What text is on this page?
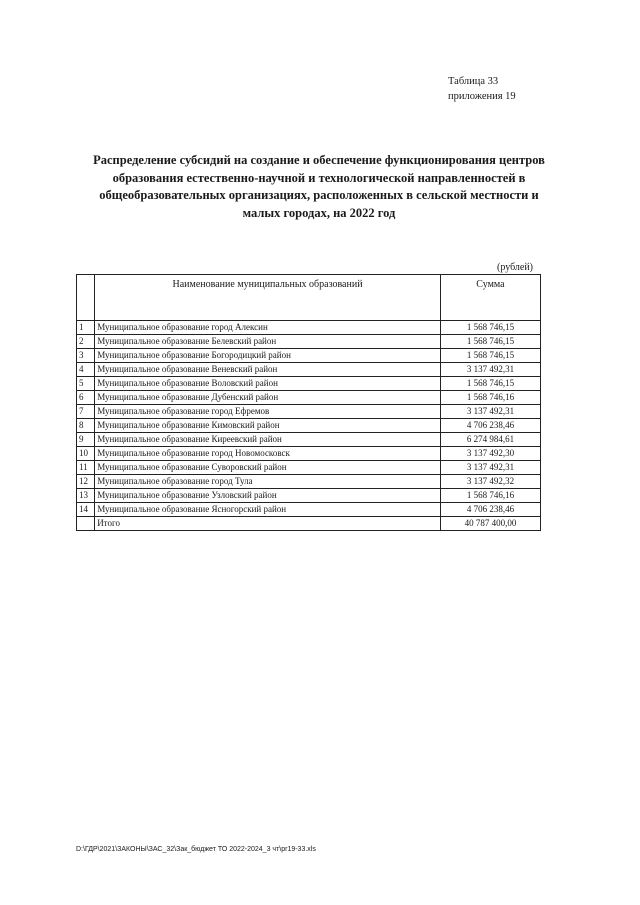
Таблица 33
приложения 19
Распределение субсидий на создание и обеспечение функционирования центров
образования естественно-научной и технологической направленностей в
общеобразовательных организациях, расположенных в сельской местности и
малых городах, на 2022 год
(рублей)
	Наименование муниципальных образований	Сумма
1	Муниципальное образование город Алексин	1 568 746,15
2	Муниципальное образование Белевский район	1 568 746,15
3	Муниципальное образование Богородицкий район	1 568 746,15
4	Муниципальное образование Веневский район	3 137 492,31
5	Муниципальное образование Воловский район	1 568 746,15
6	Муниципальное образование Дубенский район	1 568 746,16
7	Муниципальное образование город Ефремов	3 137 492,31
8	Муниципальное образование Кимовский район	4 706 238,46
9	Муниципальное образование Киреевский район	6 274 984,61
10	Муниципальное образование город Новомосковск	3 137 492,30
11	Муниципальное образование Суворовский район	3 137 492,31
12	Муниципальное образование город Тула	3 137 492,32
13	Муниципальное образование Узловский район	1 568 746,16
14	Муниципальное образование Ясногорский район	4 706 238,46
	Итого	40 787 400,00
D:\ГДР\2021\ЗАКОНЫ\ЗАС_32\Зак_бюджет ТО 2022-2024_3 чт\pr19-33.xls
